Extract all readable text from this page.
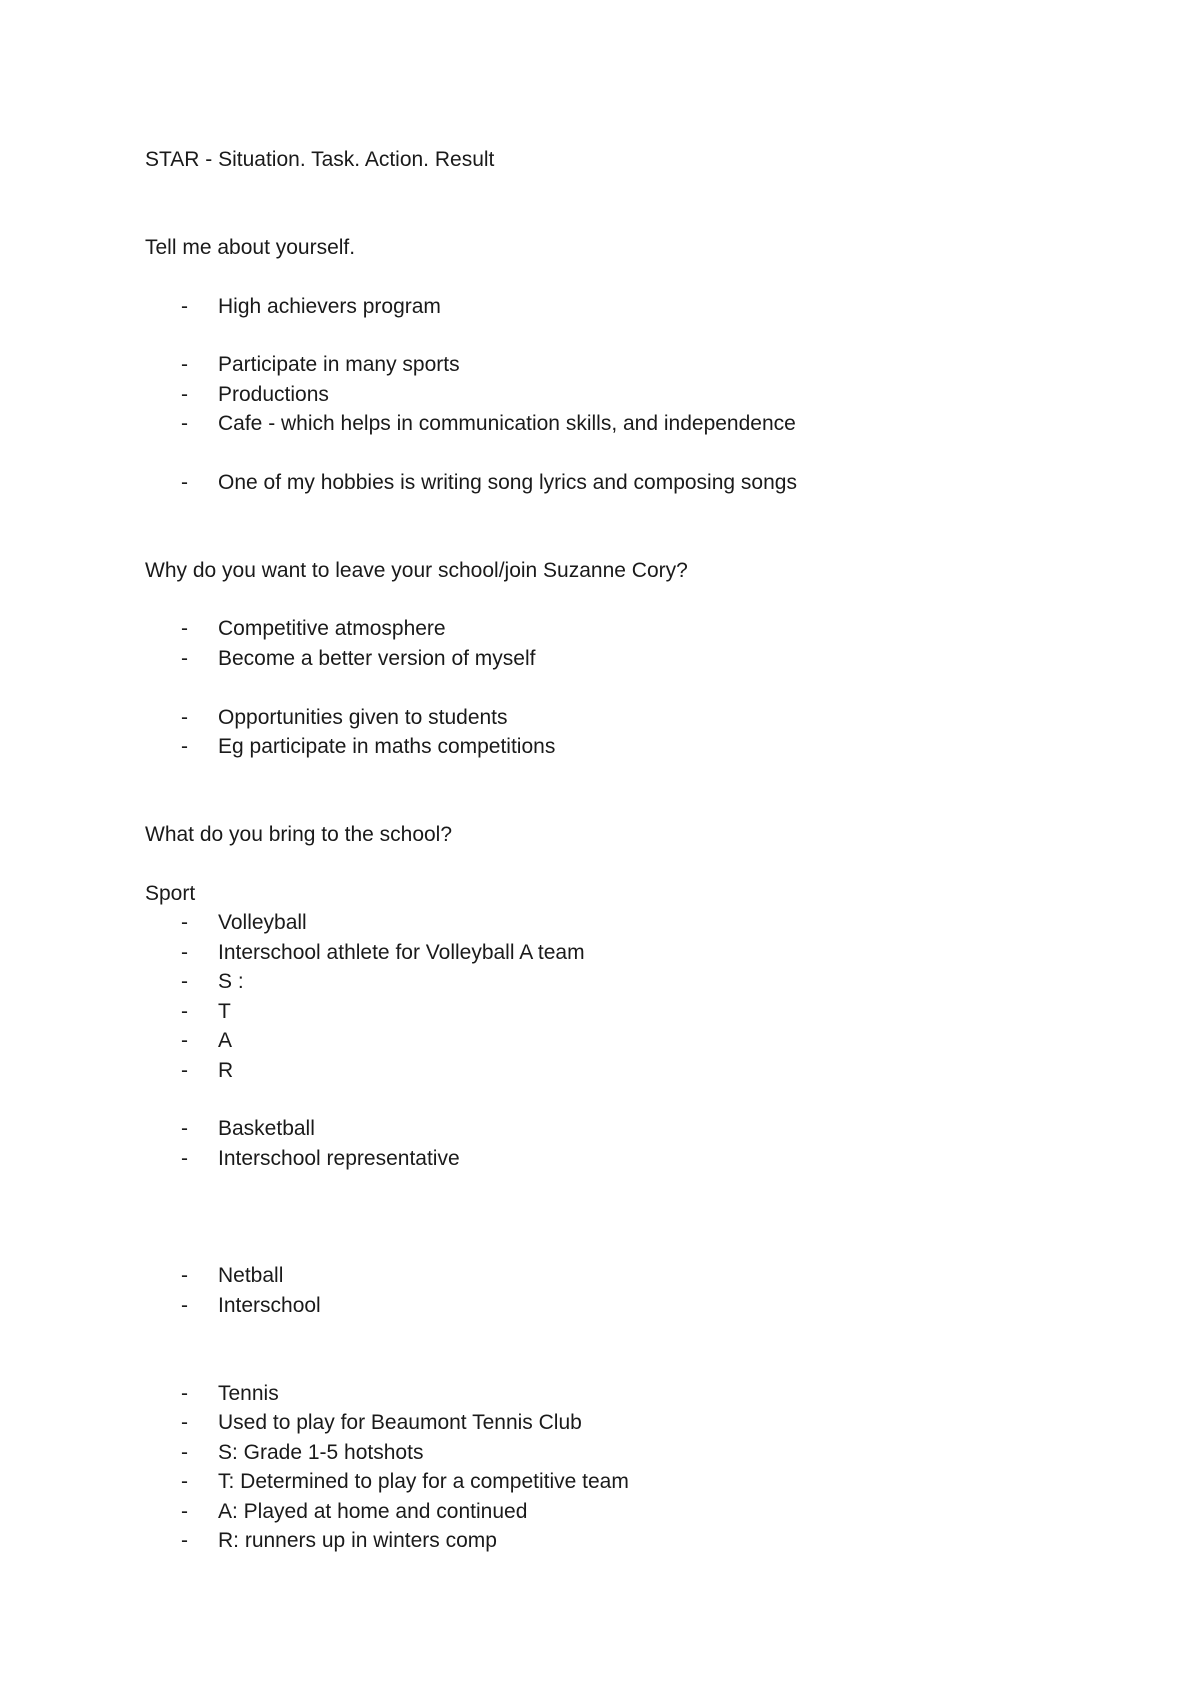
STAR - Situation. Task. Action. Result
Tell me about yourself.
- High achievers program
- Participate in many sports
- Productions
- Cafe - which helps in communication skills, and independence
- One of my hobbies is writing song lyrics and composing songs
Why do you want to leave your school/join Suzanne Cory?
- Competitive atmosphere
- Become a better version of myself
- Opportunities given to students
- Eg participate in maths competitions
What do you bring to the school?
Sport
- Volleyball
- Interschool athlete for Volleyball A team
- S :
- T
- A
- R
- Basketball
- Interschool representative
- Netball
- Interschool
- Tennis
- Used to play for Beaumont Tennis Club
- S: Grade 1-5 hotshots
- T: Determined to play for a competitive team
- A: Played at home and continued
- R: runners up in winters comp
